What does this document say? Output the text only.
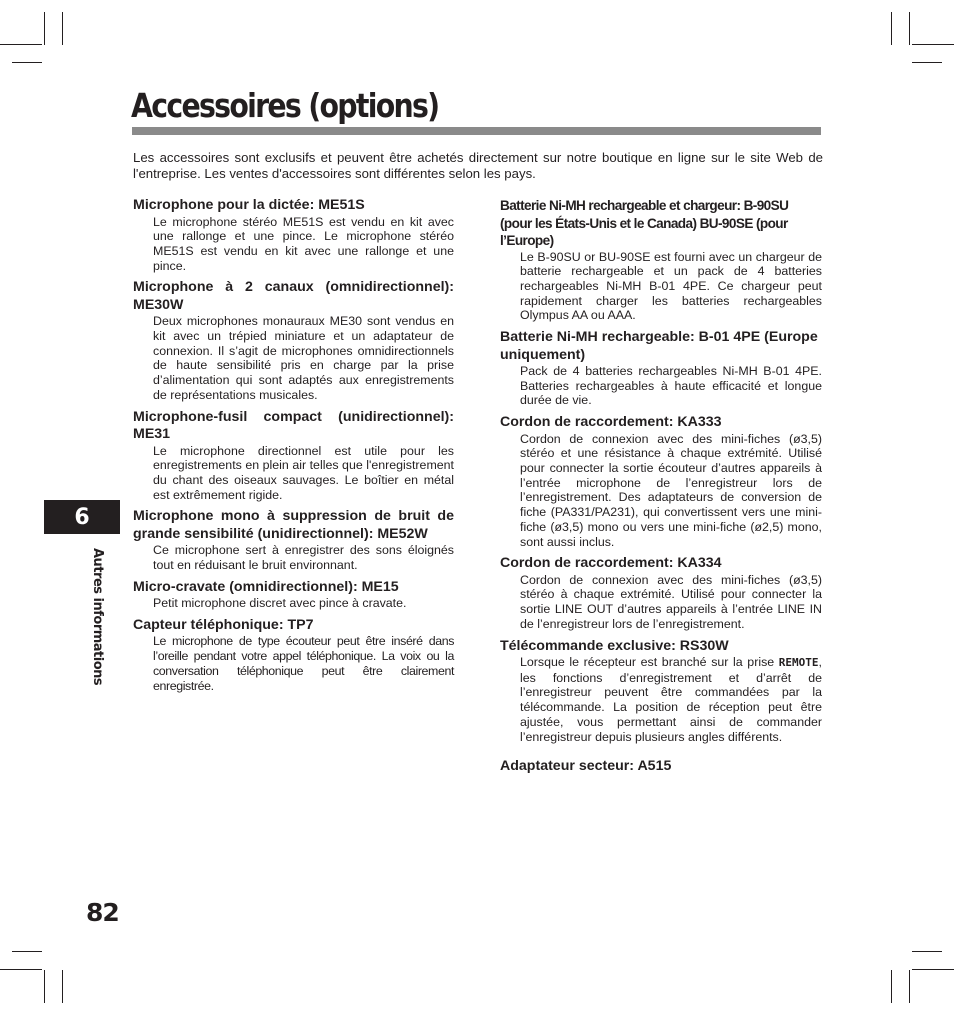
Accessoires (options)

Les accessoires sont exclusifs et peuvent être achetés directement sur notre boutique en ligne sur le site Web de l'entreprise. Les ventes d'accessoires sont différentes selon les pays.

Microphone pour la dictée: ME51S

Le microphone stéréo ME51S est vendu en kit avec une rallonge et une pince. Le microphone stéréo ME51S est vendu en kit avec une rallonge et une pince.

Microphone à 2 canaux (omnidirectionnel): ME30W

Deux microphones monauraux ME30 sont vendus en kit avec un trépied miniature et un adaptateur de connexion. Il s’agit de microphones omnidirectionnels de haute sensibilité pris en charge par la prise d’alimentation qui sont adaptés aux enregistrements de représentations musicales.

Microphone-fusil compact (unidirectionnel): ME31

Le microphone directionnel est utile pour les enregistrements en plein air telles que l'enregistrement du chant des oiseaux sauvages. Le boîtier en métal est extrêmement rigide.

Microphone mono à suppression de bruit de grande sensibilité (unidirectionnel): ME52W

Ce microphone sert à enregistrer des sons éloignés tout en réduisant le bruit environnant.

Micro-cravate (omnidirectionnel): ME15

Petit microphone discret avec pince à cravate.

Capteur téléphonique: TP7

Le microphone de type écouteur peut être inséré dans l’oreille pendant votre appel téléphonique. La voix ou la conversation téléphonique peut être clairement enregistrée.

Batterie Ni-MH rechargeable et chargeur: B-90SU (pour les États-Unis et le Canada) BU-90SE (pour l’Europe)

Le B-90SU or BU-90SE est fourni avec un chargeur de batterie rechargeable et un pack de 4 batteries rechargeables Ni-MH B-01 4PE. Ce chargeur peut rapidement charger les batteries rechargeables Olympus AA ou AAA.

Batterie Ni-MH rechargeable: B-01 4PE (Europe uniquement)

Pack de 4 batteries rechargeables Ni-MH B-01 4PE. Batteries rechargeables à haute efficacité et longue durée de vie.

Cordon de raccordement: KA333

Cordon de connexion avec des mini-fiches (ø3,5) stéréo et une résistance à chaque extrémité. Utilisé pour connecter la sortie écouteur d’autres appareils à l’entrée microphone de l’enregistreur lors de l’enregistrement. Des adaptateurs de conversion de fiche (PA331/PA231), qui convertissent vers une mini-fiche (ø3,5) mono ou vers une mini-fiche (ø2,5) mono, sont aussi inclus.

Cordon de raccordement: KA334

Cordon de connexion avec des mini-fiches (ø3,5) stéréo à chaque extrémité. Utilisé pour connecter la sortie LINE OUT d’autres appareils à l’entrée LINE IN de l’enregistreur lors de l’enregistrement.

Télécommande exclusive: RS30W

Lorsque le récepteur est branché sur la prise REMOTE, les fonctions d’enregistrement et d’arrêt de l’enregistreur peuvent être commandées par la télécommande. La position de réception peut être ajustée, vous permettant ainsi de commander l’enregistreur depuis plusieurs angles différents.

Adaptateur secteur: A515
6
Autres informations
82
